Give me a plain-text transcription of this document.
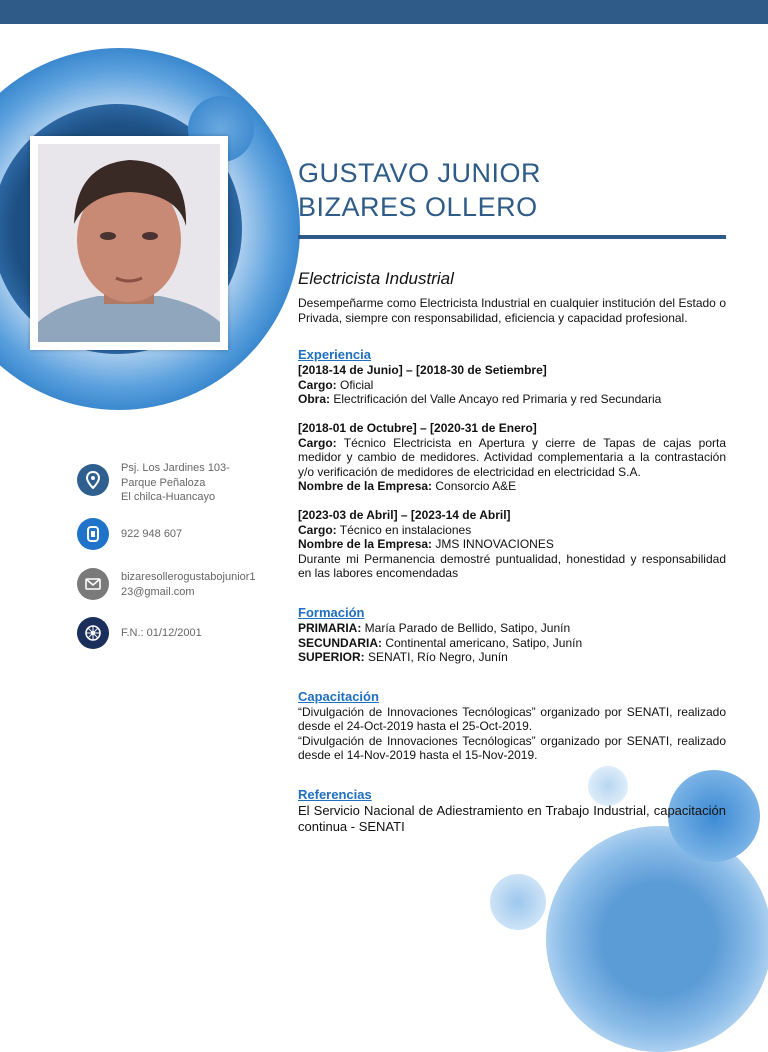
GUSTAVO JUNIOR
BIZARES OLLERO
Electricista Industrial

Desempeñarme como Electricista Industrial en cualquier institución del Estado o Privada, siempre con responsabilidad, eficiencia y capacidad profesional.

Experiencia

[2018-14 de Junio] – [2018-30 de Setiembre]

Cargo: Oficial

Obra: Electrificación del Valle Ancayo red Primaria y red Secundaria

[2018-01 de Octubre] – [2020-31 de Enero]

Cargo: Técnico Electricista en Apertura y cierre de Tapas de cajas porta medidor y cambio de medidores. Actividad complementaria a la contrastación y/o verificación de medidores de electricidad en electricidad S.A.

Nombre de la Empresa: Consorcio A&E

[2023-03 de Abril] – [2023-14 de Abril]

Cargo: Técnico en instalaciones

Nombre de la Empresa: JMS INNOVACIONES

Durante mi Permanencia demostré puntualidad, honestidad y responsabilidad en las labores encomendadas

Formación

PRIMARIA: María Parado de Bellido, Satipo, Junín

SECUNDARIA: Continental americano, Satipo, Junín

SUPERIOR: SENATI, Río Negro, Junín

Capacitación

“Divulgación de Innovaciones Tecnólogicas” organizado por SENATI, realizado desde el 24-Oct-2019 hasta el 25-Oct-2019.

“Divulgación de Innovaciones Tecnólogicas” organizado por SENATI, realizado desde el 14-Nov-2019 hasta el 15-Nov-2019.

Referencias

El Servicio Nacional de Adiestramiento en Trabajo Industrial, capacitación continua - SENATI

Psj. Los Jardines 103-
Parque Peñaloza
El chilca-Huancayo
922 948 607
bizaresollerogustabojunior123@gmail.com
F.N.: 01/12/2001
